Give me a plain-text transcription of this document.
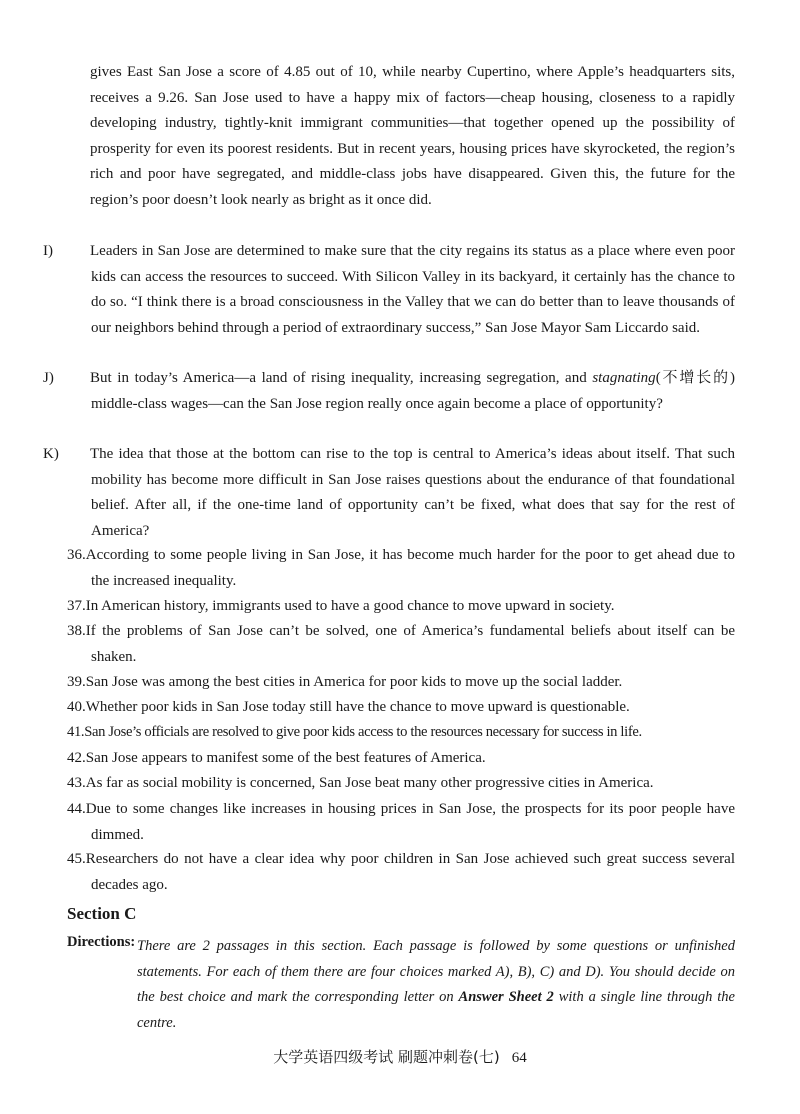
gives East San Jose a score of 4.85 out of 10, while nearby Cupertino, where Apple’s headquarters sits, receives a 9.26. San Jose used to have a happy mix of factors—cheap housing, closeness to a rapidly developing industry, tightly-knit immigrant communities—that together opened up the possibility of prosperity for even its poorest residents. But in recent years, housing prices have skyrocketed, the region’s rich and poor have segregated, and middle-class jobs have disappeared. Given this, the future for the region’s poor doesn’t look nearly as bright as it once did.
I) Leaders in San Jose are determined to make sure that the city regains its status as a place where even poor kids can access the resources to succeed. With Silicon Valley in its backyard, it certainly has the chance to do so. “I think there is a broad consciousness in the Valley that we can do better than to leave thousands of our neighbors behind through a period of extraordinary success,” San Jose Mayor Sam Liccardo said.
J) But in today’s America—a land of rising inequality, increasing segregation, and stagnating(不增长的) middle-class wages—can the San Jose region really once again become a place of opportunity?
K) The idea that those at the bottom can rise to the top is central to America’s ideas about itself. That such mobility has become more difficult in San Jose raises questions about the endurance of that foundational belief. After all, if the one-time land of opportunity can’t be fixed, what does that say for the rest of America?
36.According to some people living in San Jose, it has become much harder for the poor to get ahead due to the increased inequality.
37.In American history, immigrants used to have a good chance to move upward in society.
38.If the problems of San Jose can’t be solved, one of America’s fundamental beliefs about itself can be shaken.
39.San Jose was among the best cities in America for poor kids to move up the social ladder.
40.Whether poor kids in San Jose today still have the chance to move upward is questionable.
41.San Jose’s officials are resolved to give poor kids access to the resources necessary for success in life.
42.San Jose appears to manifest some of the best features of America.
43.As far as social mobility is concerned, San Jose beat many other progressive cities in America.
44.Due to some changes like increases in housing prices in San Jose, the prospects for its poor people have dimmed.
45.Researchers do not have a clear idea why poor children in San Jose achieved such great success several decades ago.
Section C
Directions: There are 2 passages in this section. Each passage is followed by some questions or unfinished statements. For each of them there are four choices marked A), B), C) and D). You should decide on the best choice and mark the corresponding letter on Answer Sheet 2 with a single line through the centre.
大学英语四级考试 刷题冲刺卷(七) 64
